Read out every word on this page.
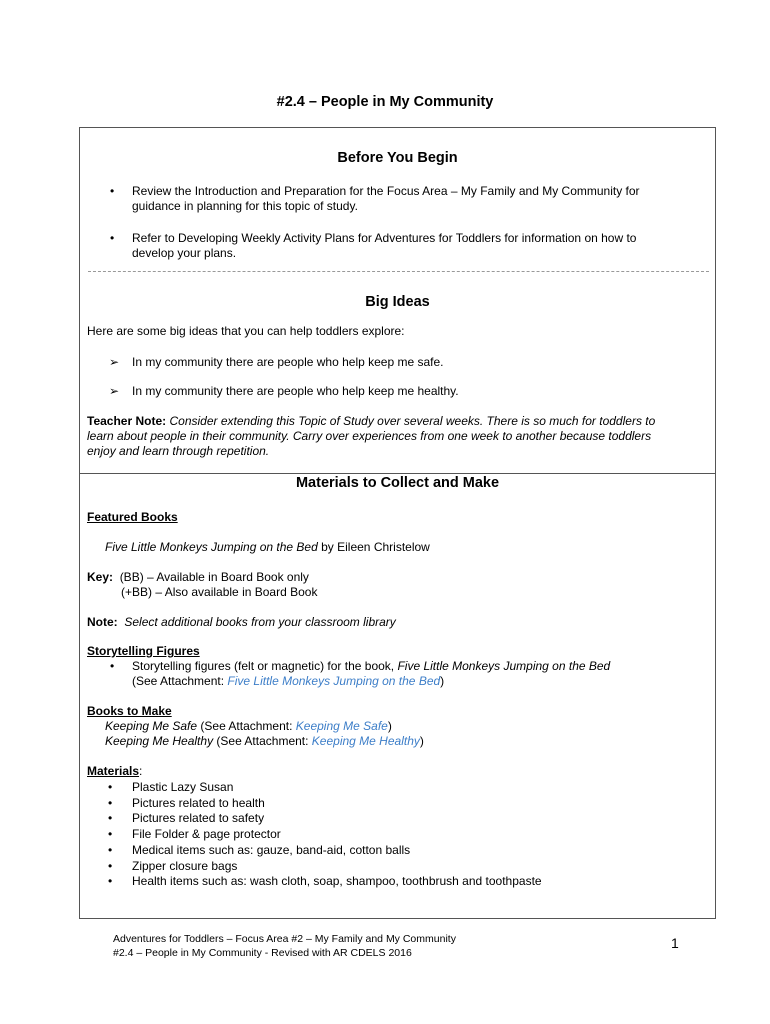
#2.4 – People in My Community
Before You Begin
• Review the Introduction and Preparation for the Focus Area – My Family and My Community for
guidance in planning for this topic of study.
• Refer to Developing Weekly Activity Plans for Adventures for Toddlers for information on how to
develop your plans.
Big Ideas
Here are some big ideas that you can help toddlers explore:
➢ In my community there are people who help keep me safe.
➢ In my community there are people who help keep me healthy.
Teacher Note: Consider extending this Topic of Study over several weeks. There is so much for toddlers to
learn about people in their community. Carry over experiences from one week to another because toddlers
enjoy and learn through repetition.
Materials to Collect and Make
Featured Books
Five Little Monkeys Jumping on the Bed by Eileen Christelow
Key: (BB) – Available in Board Book only
(+BB) – Also available in Board Book
Note: Select additional books from your classroom library
Storytelling Figures
• Storytelling figures (felt or magnetic) for the book, Five Little Monkeys Jumping on the Bed
(See Attachment: Five Little Monkeys Jumping on the Bed)
Books to Make
Keeping Me Safe (See Attachment: Keeping Me Safe)
Keeping Me Healthy (See Attachment: Keeping Me Healthy)
Materials:
• Plastic Lazy Susan
• Pictures related to health
• Pictures related to safety
• File Folder & page protector
• Medical items such as: gauze, band-aid, cotton balls
• Zipper closure bags
• Health items such as: wash cloth, soap, shampoo, toothbrush and toothpaste
Adventures for Toddlers – Focus Area #2 – My Family and My Community
#2.4 – People in My Community - Revised with AR CDELS 2016
1
